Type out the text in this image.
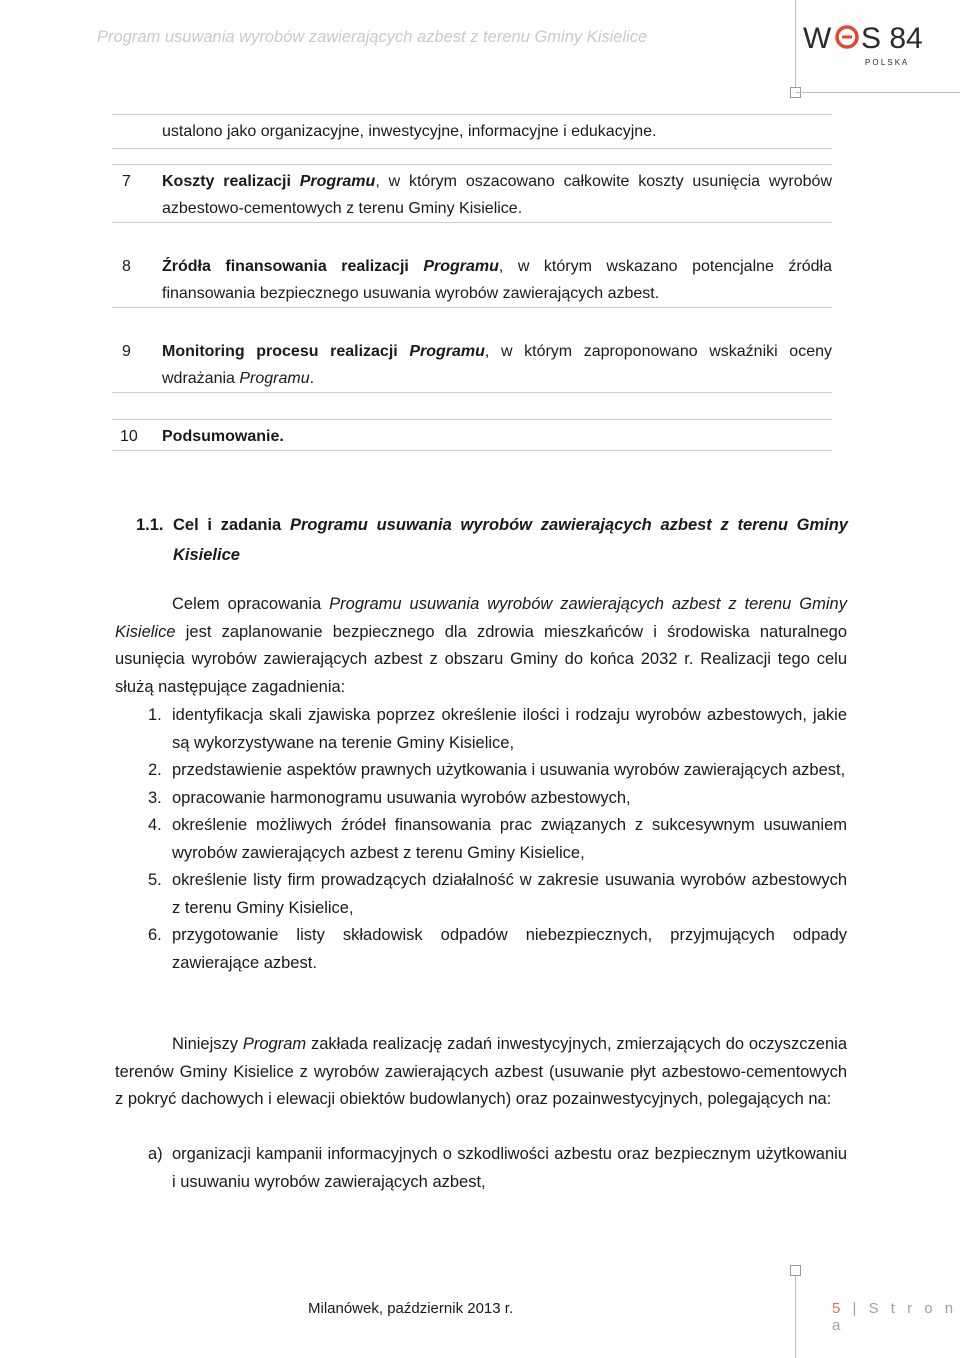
Program usuwania wyrobów zawierających azbest z terenu Gminy Kisielice	W S 84
P O L S K A
ustalono jako organizacyjne, inwestycyjne, informacyjne i edukacyjne.
7 Koszty realizacji Programu, w którym oszacowano całkowite koszty usunięcia wyrobów azbestowo-cementowych z terenu Gminy Kisielice.
8 Źródła finansowania realizacji Programu, w którym wskazano potencjalne źródła finansowania bezpiecznego usuwania wyrobów zawierających azbest.
9 Monitoring procesu realizacji Programu, w którym zaproponowano wskaźniki oceny wdrażania Programu.
10 Podsumowanie.
1.1. Cel i zadania Programu usuwania wyrobów zawierających azbest z terenu Gminy Kisielice
Celem opracowania Programu usuwania wyrobów zawierających azbest z terenu Gminy Kisielice jest zaplanowanie bezpiecznego dla zdrowia mieszkańców i środowiska naturalnego usunięcia wyrobów zawierających azbest z obszaru Gminy do końca 2032 r. Realizacji tego celu służą następujące zagadnienia:
1. identyfikacja skali zjawiska poprzez określenie ilości i rodzaju wyrobów azbestowych, jakie są wykorzystywane na terenie Gminy Kisielice,
2. przedstawienie aspektów prawnych użytkowania i usuwania wyrobów zawierających azbest,
3. opracowanie harmonogramu usuwania wyrobów azbestowych,
4. określenie możliwych źródeł finansowania prac związanych z sukcesywnym usuwaniem wyrobów zawierających azbest z terenu Gminy Kisielice,
5. określenie listy firm prowadzących działalność w zakresie usuwania wyrobów azbestowych z terenu Gminy Kisielice,
6. przygotowanie listy składowisk odpadów niebezpiecznych, przyjmujących odpady zawierające azbest.
Niniejszy Program zakłada realizację zadań inwestycyjnych, zmierzających do oczyszczenia terenów Gminy Kisielice z wyrobów zawierających azbest (usuwanie płyt azbestowo-cementowych z pokryć dachowych i elewacji obiektów budowlanych) oraz pozainwestycyjnych, polegających na:
a) organizacji kampanii informacyjnych o szkodliwości azbestu oraz bezpiecznym użytkowaniu i usuwaniu wyrobów zawierających azbest,
Milanówek, październik 2013 r.	5 | S t r o n a
